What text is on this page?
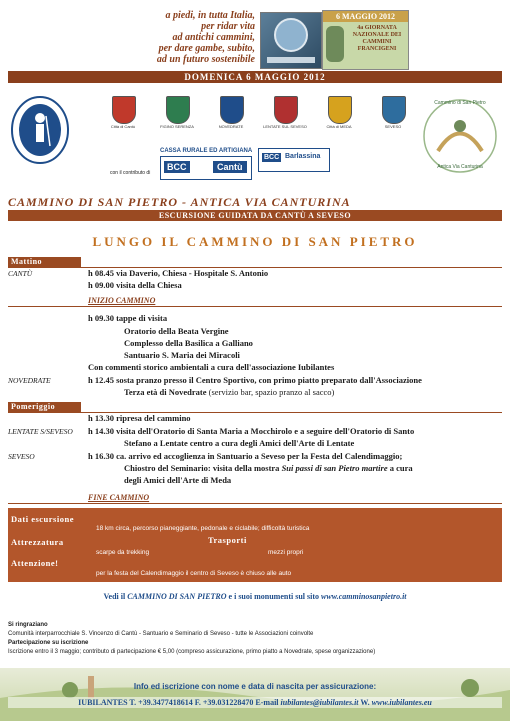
a piedi, in tutta Italia,
per ridar vita
ad antichi cammini,
per dare gambe, subito,
ad un futuro sostenibile
6 MAGGIO 2012
4a GIORNATA NAZIONALE DEI CAMMINI FRANCIGENI
DOMENICA 6 MAGGIO 2012
Città di Cantù	FIGINO SERENZA	NOVEDRATE	LENTATE SUL SEVESO	Città di MEDA	SEVESO
con il contributo di
CASSA RURALE ED ARTIGIANA
BCC	Cantù
BCC Barlassina
Cammino di San Pietro
Antica Via Canturina
CAMMINO DI SAN PIETRO - ANTICA VIA CANTURINA
ESCURSIONE GUIDATA DA CANTÙ A SEVESO
LUNGO IL CAMMINO DI SAN PIETRO
Mattino
CANTÙ	h 08.45 via Daverio, Chiesa - Hospitale S. Antonio
h 09.00 visita della Chiesa
INIZIO CAMMINO
h 09.30 tappe di visita
Oratorio della Beata Vergine
Complesso della Basilica a Galliano
Santuario S. Maria dei Miracoli
Con commenti storico ambientali a cura dell'associazione Iubilantes
NOVEDRATE	h 12.45 sosta pranzo presso il Centro Sportivo, con primo piatto preparato dall'Associazione
Terza età di Novedrate (servizio bar, spazio pranzo al sacco)
Pomeriggio
h 13.30 ripresa del cammino
LENTATE S/SEVESO h 14.30 visita dell'Oratorio di Santa Maria a Mocchirolo e a seguire dell'Oratorio di Santo
Stefano a Lentate centro a cura degli Amici dell'Arte di Lentate
SEVESO	h 16.30 ca. arrivo ed accoglienza in Santuario a Seveso per la Festa del Calendimaggio;
Chiostro del Seminario: visita della mostra Sui passi di san Pietro martire a cura
degli Amici dell'Arte di Meda
FINE CAMMINO
Dati escursione
18 km circa, percorso pianeggiante, pedonale e ciclabile; difficoltà turistica
Attrezzatura	Trasporti
scarpe da trekking	mezzi propri
Attenzione!
per la festa del Calendimaggio il centro di Seveso è chiuso alle auto
Vedi il CAMMINO DI SAN PIETRO e i suoi monumenti sul sito www.camminosanpietro.it
Si ringraziano
Comunità interparrocchiale S. Vincenzo di Cantù - Santuario e Seminario di Seveso - tutte le Associazioni coinvolte
Partecipazione su iscrizione
Iscrizione entro il 3 maggio; contributo di partecipazione € 5,00 (compreso assicurazione, primo piatto a Novedrate, spese organizzazione)
Info ed iscrizione con nome e data di nascita per assicurazione:
IUBILANTES T. +39.3477418614 F. +39.031228470 E-mail iubilantes@iubilantes.it W. www.iubilantes.eu
